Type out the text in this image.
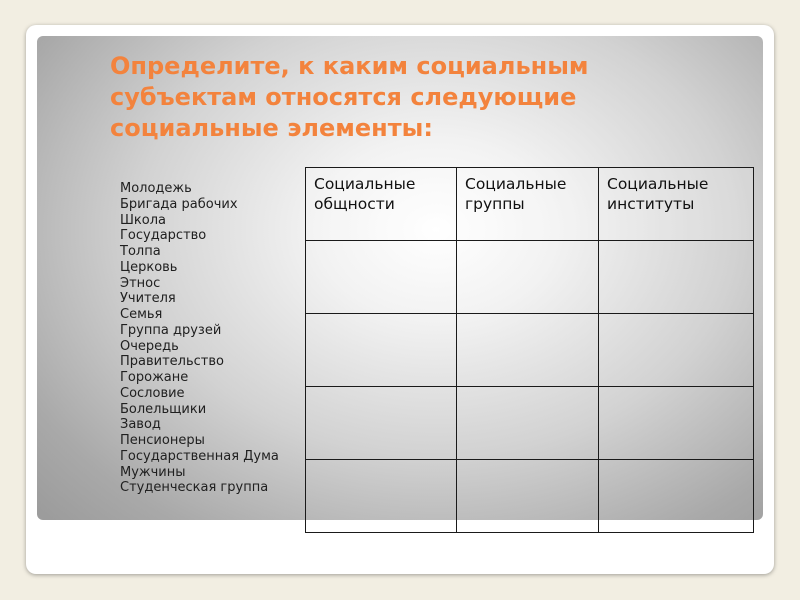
Определите, к каким социальным
субъектам относятся следующие
социальные элементы:
Молодежь
Бригада рабочих
Школа
Государство
Толпа
Церковь
Этнос
Учителя
Семья
Группа друзей
Очередь
Правительство
Горожане
Сословие
Болельщики
Завод
Пенсионеры
Государственная Дума
Мужчины
Студенческая группа
Социальные общности	Социальные группы	Социальные институты
